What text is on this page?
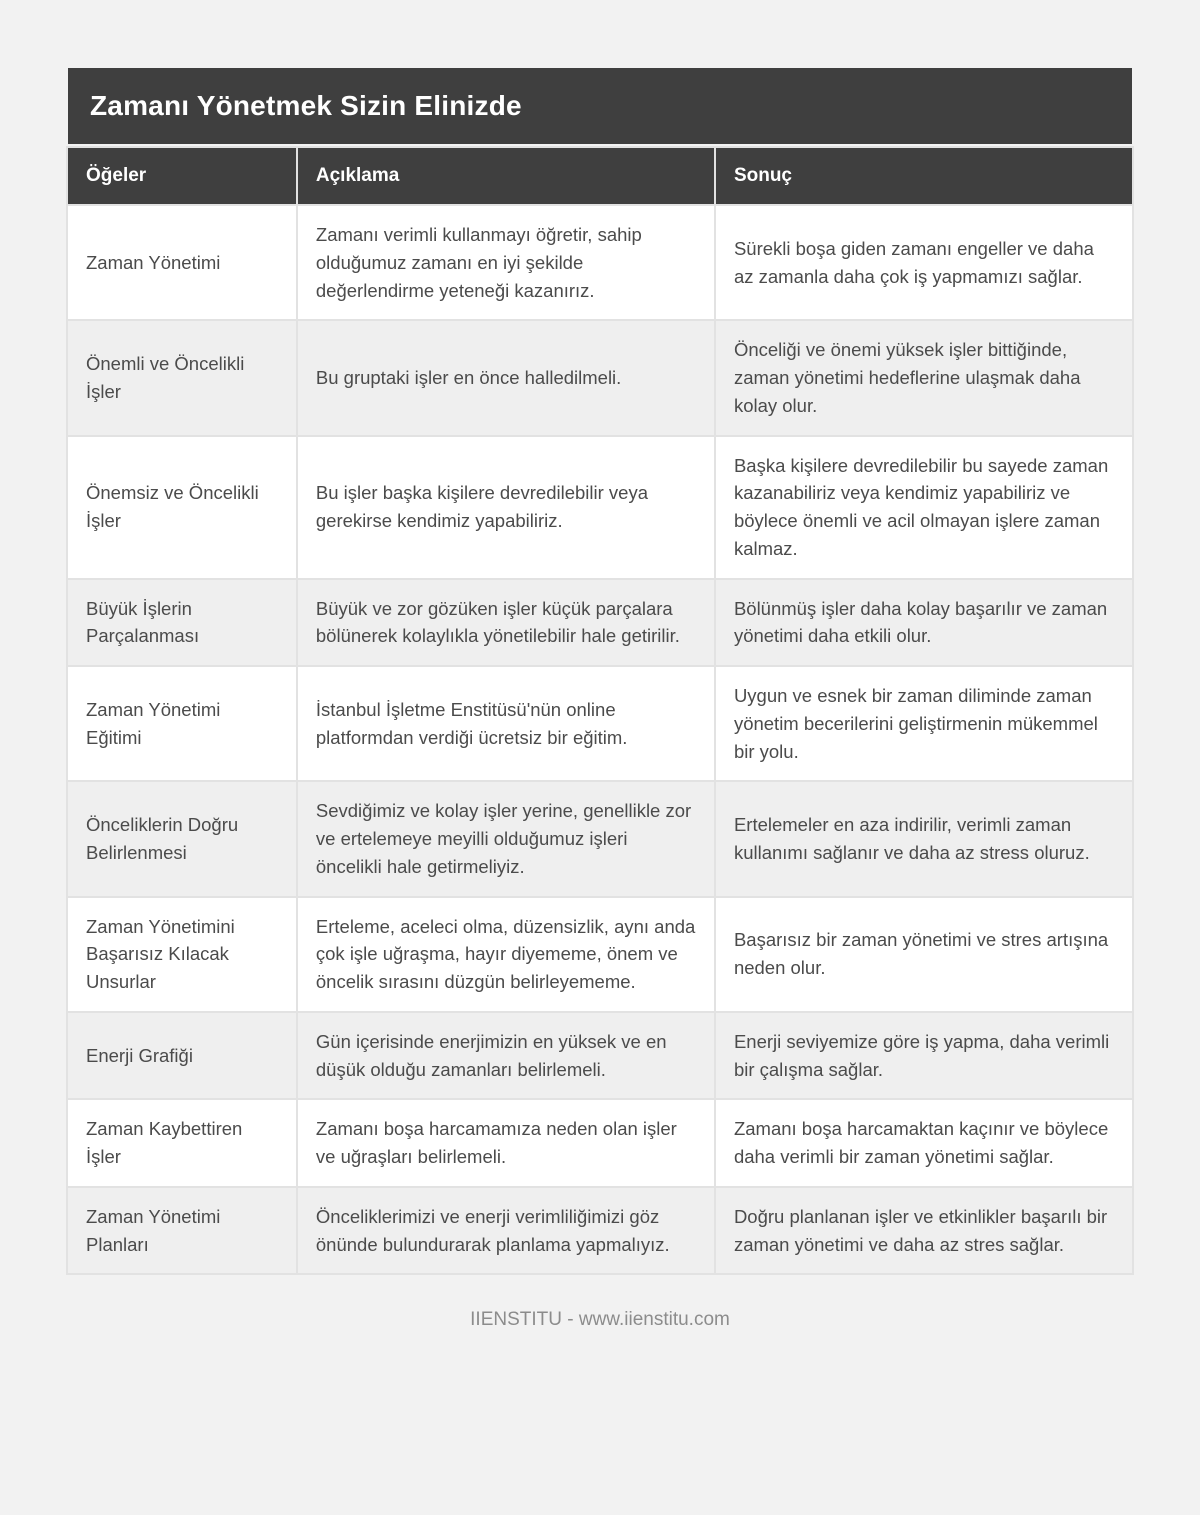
Zamanı Yönetmek Sizin Elinizde
Öğeler	Açıklama	Sonuç
Zaman Yönetimi	Zamanı verimli kullanmayı öğretir, sahip olduğumuz zamanı en iyi şekilde değerlendirme yeteneği kazanırız.	Sürekli boşa giden zamanı engeller ve daha az zamanla daha çok iş yapmamızı sağlar.
Önemli ve Öncelikli İşler	Bu gruptaki işler en önce halledilmeli.	Önceliği ve önemi yüksek işler bittiğinde, zaman yönetimi hedeflerine ulaşmak daha kolay olur.
Önemsiz ve Öncelikli İşler	Bu işler başka kişilere devredilebilir veya gerekirse kendimiz yapabiliriz.	Başka kişilere devredilebilir bu sayede zaman kazanabiliriz veya kendimiz yapabiliriz ve böylece önemli ve acil olmayan işlere zaman kalmaz.
Büyük İşlerin Parçalanması	Büyük ve zor gözüken işler küçük parçalara bölünerek kolaylıkla yönetilebilir hale getirilir.	Bölünmüş işler daha kolay başarılır ve zaman yönetimi daha etkili olur.
Zaman Yönetimi Eğitimi	İstanbul İşletme Enstitüsü'nün online platformdan verdiği ücretsiz bir eğitim.	Uygun ve esnek bir zaman diliminde zaman yönetim becerilerini geliştirmenin mükemmel bir yolu.
Önceliklerin Doğru Belirlenmesi	Sevdiğimiz ve kolay işler yerine, genellikle zor ve ertelemeye meyilli olduğumuz işleri öncelikli hale getirmeliyiz.	Ertelemeler en aza indirilir, verimli zaman kullanımı sağlanır ve daha az stress oluruz.
Zaman Yönetimini Başarısız Kılacak Unsurlar	Erteleme, aceleci olma, düzensizlik, aynı anda çok işle uğraşma, hayır diyememe, önem ve öncelik sırasını düzgün belirleyememe.	Başarısız bir zaman yönetimi ve stres artışına neden olur.
Enerji Grafiği	Gün içerisinde enerjimizin en yüksek ve en düşük olduğu zamanları belirlemeli.	Enerji seviyemize göre iş yapma, daha verimli bir çalışma sağlar.
Zaman Kaybettiren İşler	Zamanı boşa harcamamıza neden olan işler ve uğraşları belirlemeli.	Zamanı boşa harcamaktan kaçınır ve böylece daha verimli bir zaman yönetimi sağlar.
Zaman Yönetimi Planları	Önceliklerimizi ve enerji verimliliğimizi göz önünde bulundurarak planlama yapmalıyız.	Doğru planlanan işler ve etkinlikler başarılı bir zaman yönetimi ve daha az stres sağlar.
IIENSTITU - www.iienstitu.com
